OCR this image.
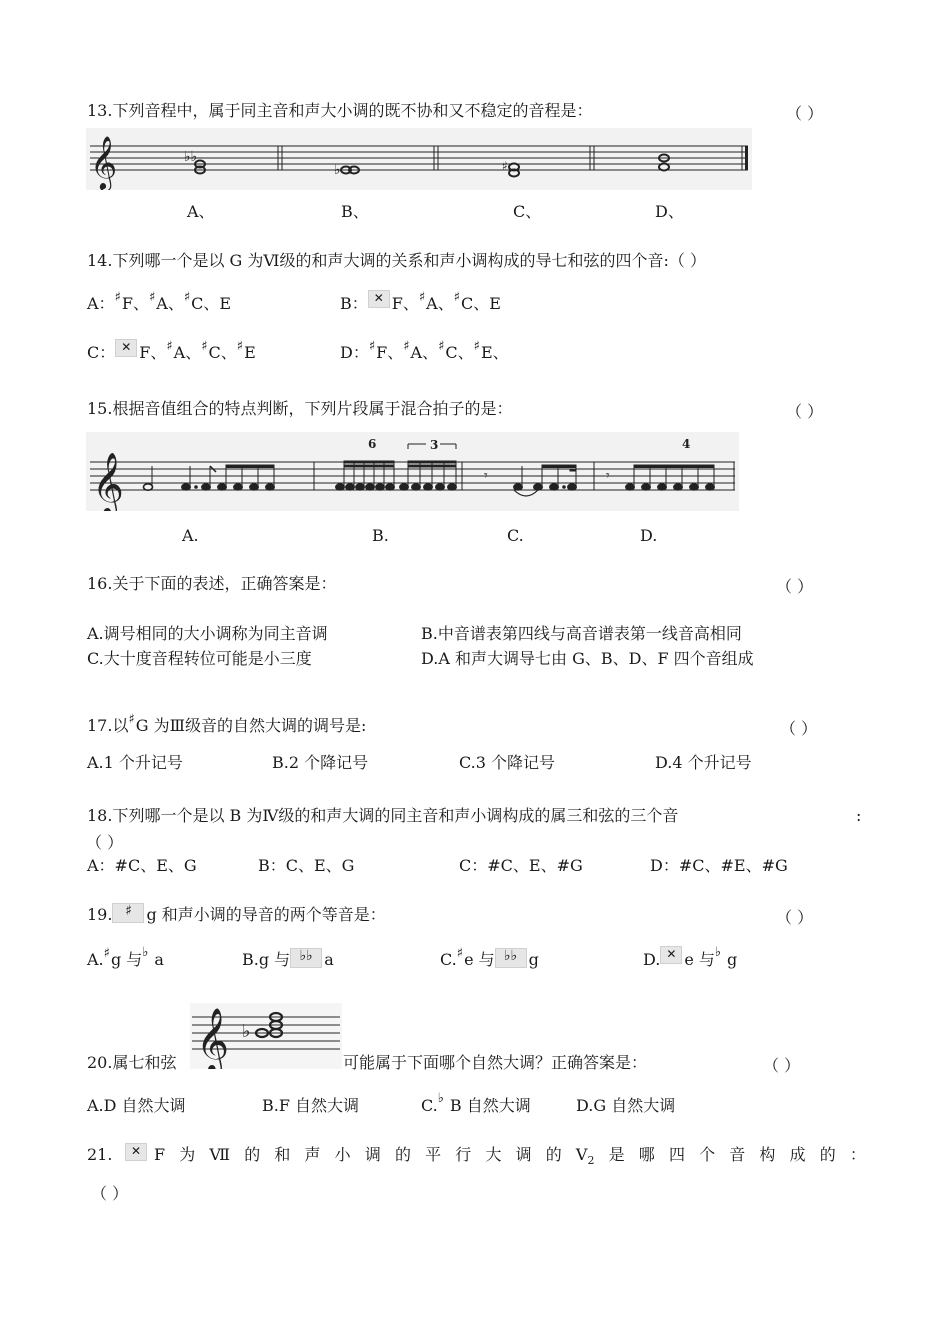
13.下列音程中，属于同主音和声大小调的既不协和又不稳定的音程是：	（ ）
𝄞	♭♭
♭	♯
A、	B、	C、	D、
14.下列哪一个是以 G 为Ⅵ级的和声大调的关系和声小调构成的导七和弦的四个音:（ ）
A：♯F、♯A、♯C、E	B： ✕ F、♯A、♯C、E
C： ✕ F、♯A、♯C、♯E	D：♯F、♯A、♯C、♯E、
15.根据音值组合的特点判断，下列片段属于混合拍子的是：	（ ）
𝄞	𝄾	𝄾
6	3	4
A.	B.	C.	D.
16.关于下面的表述，正确答案是：	（ ）
A.调号相同的大小调称为同主音调	B.中音谱表第四线与高音谱表第一线音高相同
C.大十度音程转位可能是小三度	D.A 和声大调导七由 G、B、D、F 四个音组成
17.以♯G 为Ⅲ级音的自然大调的调号是:	（ ）
A.1 个升记号	B.2 个降记号	C.3 个降记号	D.4 个升记号
18.下列哪一个是以 B 为Ⅳ级的和声大调的同主音和声小调构成的属三和弦的三个音	:
（ ）
A：#C、E、G	B：C、E、G	C：#C、E、#G	D：#C、#E、#G
19. ♯ g 和声小调的导音的两个等音是：	（ ）
A.♯g 与♭ a	B.g 与 ♭♭ a	C.♯e 与 ♭♭ g	D. ✕ e 与♭ g
20.属七和弦 𝄞 ♭
可能属于下面哪个自然大调？正确答案是：	（ ）
A.D 自然大调	B.F 自然大调	C.♭ B 自然大调	D.G 自然大调
21.	✕ F 为 Ⅶ 的 和 声 小 调 的 平 行 大 调 的 $V_2$ 是 哪 四 个 音 构 成 的 ：
（ ）
